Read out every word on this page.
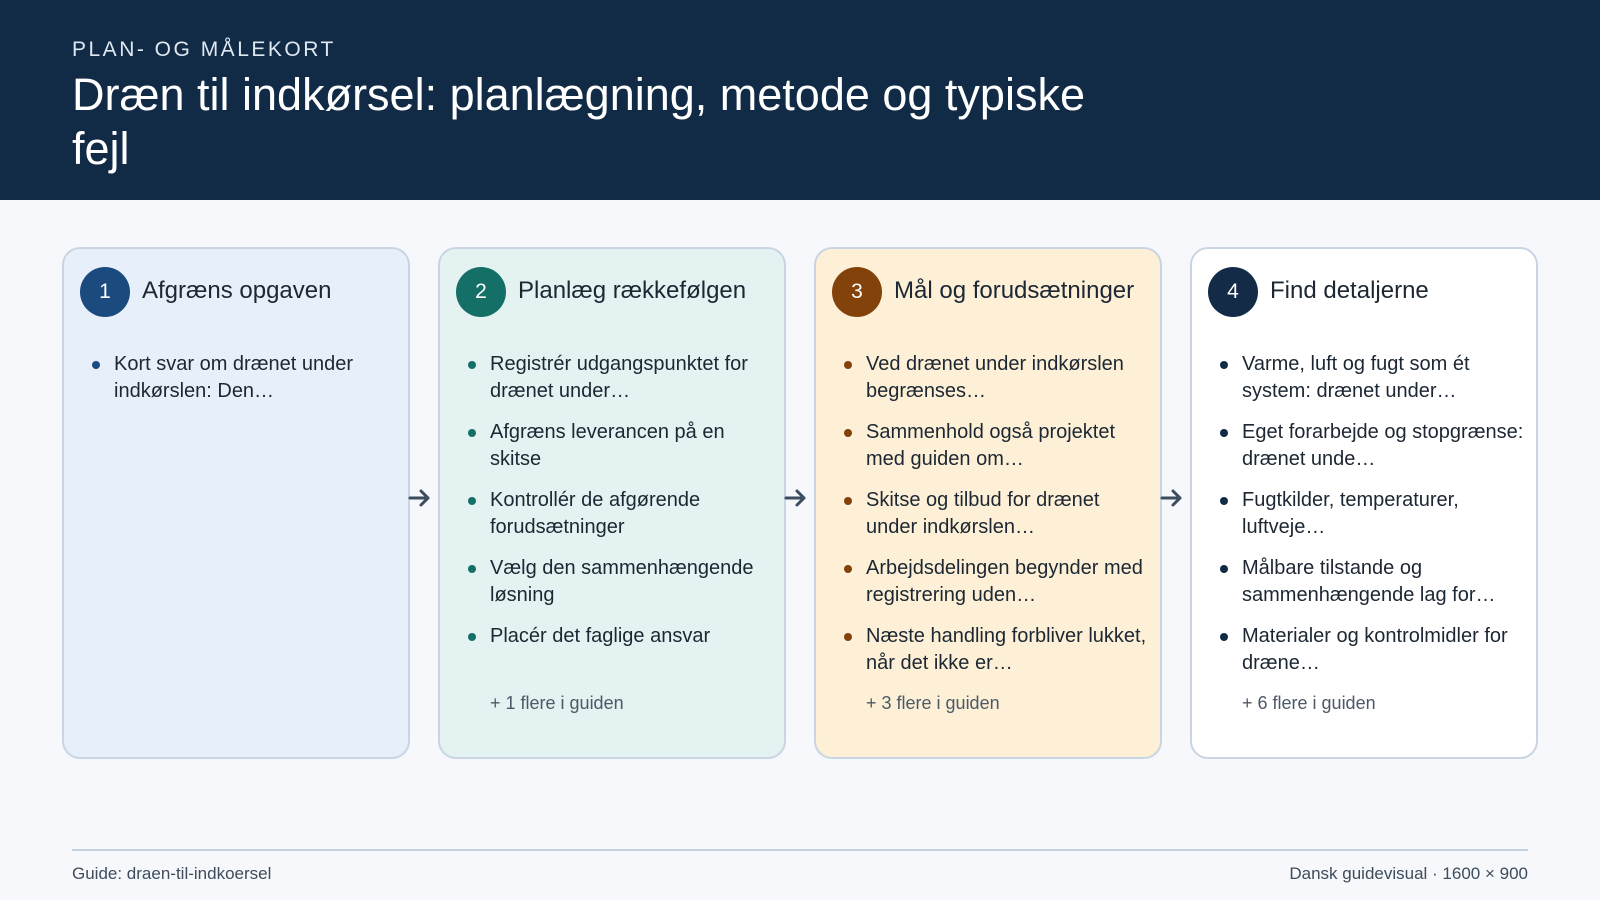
PLAN- OG MÅLEKORT
Dræn til indkørsel: planlægning, metode og typiske fejl
1	Afgræns opgaven
Kort svar om drænet under indkørslen: Den…
2	Planlæg rækkefølgen
Registrér udgangspunktet for drænet under…
Afgræns leverancen på en skitse
Kontrollér de afgørende forudsætninger
Vælg den sammenhængende løsning
Placér det faglige ansvar
+ 1 flere i guiden
3	Mål og forudsætninger
Ved drænet under indkørslen begrænses…
Sammenhold også projektet med guiden om…
Skitse og tilbud for drænet under indkørslen…
Arbejdsdelingen begynder med registrering uden…
Næste handling forbliver lukket, når det ikke er…
+ 3 flere i guiden
4	Find detaljerne
Varme, luft og fugt som ét system: drænet under…
Eget forarbejde og stopgrænse: drænet unde…
Fugtkilder, temperaturer, luftveje…
Målbare tilstande og sammenhængende lag for…
Materialer og kontrolmidler for dræne…
+ 6 flere i guiden
Guide: draen-til-indkoersel	Dansk guidevisual · 1600 × 900
